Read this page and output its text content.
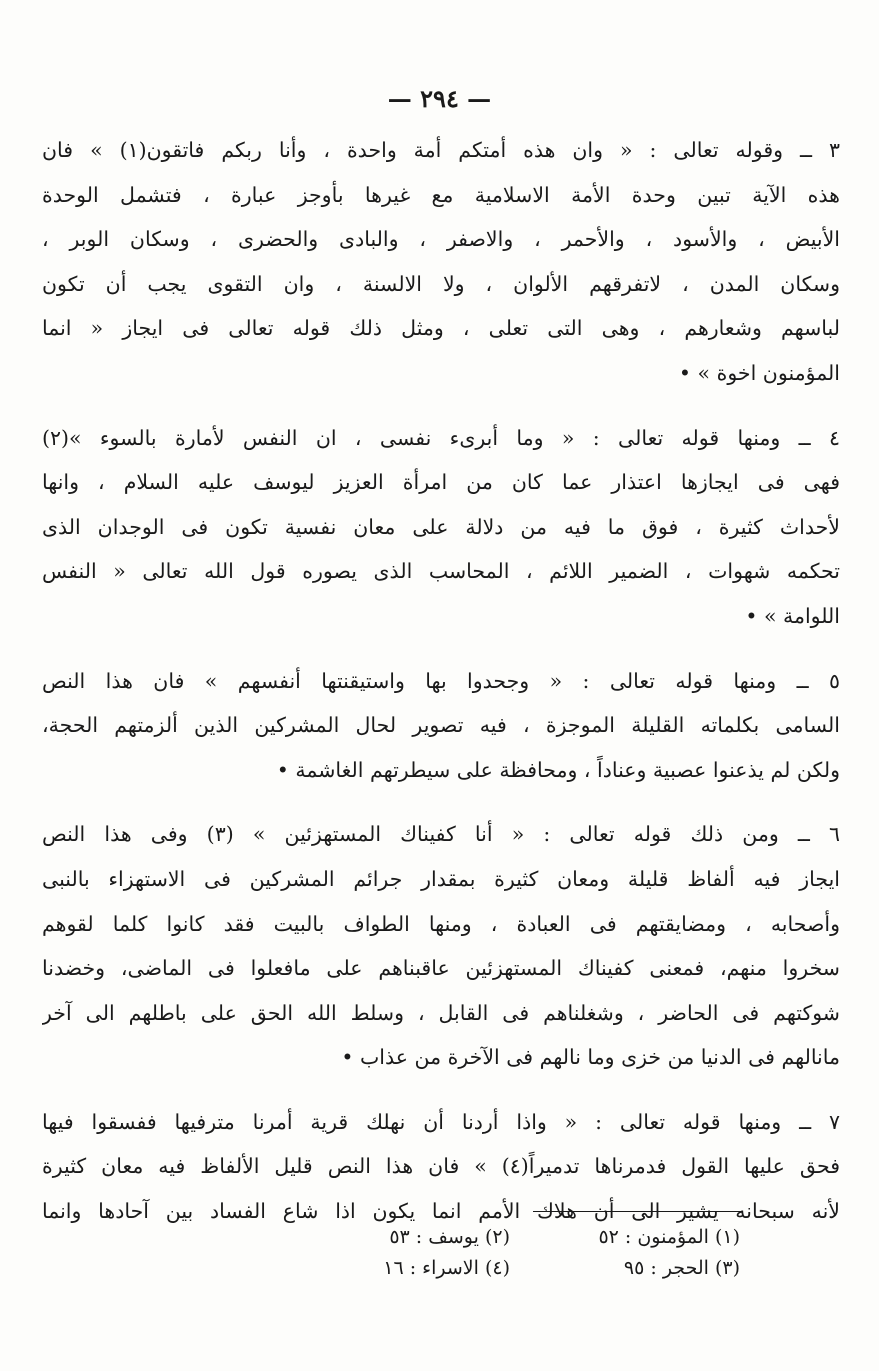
— ٢٩٤ —
٣ ــ وقوله تعالى : « وان هذه أمتكم أمة واحدة ، وأنا ربكم فاتقون(١) » فان
هذه الآية تبين وحدة الأمة الاسلامية مع غيرها بأوجز عبارة ، فتشمل الوحدة
الأبيض ، والأسود ، والأحمر ، والاصفر ، والبادى والحضرى ، وسكان الوبر ،
وسكان المدن ، لاتفرقهم الألوان ، ولا الالسنة ، وان التقوى يجب أن تكون
لباسهم وشعارهم ، وهى التى تعلى ، ومثل ذلك قوله تعالى فى ايجاز « انما
المؤمنون اخوة » •
٤ ــ ومنها قوله تعالى : « وما أبرىء نفسى ، ان النفس لأمارة بالسوء »(٢)
فهى فى ايجازها اعتذار عما كان من امرأة العزيز ليوسف عليه السلام ، وانها
لأحداث كثيرة ، فوق ما فيه من دلالة على معان نفسية تكون فى الوجدان الذى
تحكمه شهوات ، الضمير اللائم ، المحاسب الذى يصوره قول الله تعالى « النفس
اللوامة » •
٥ ــ ومنها قوله تعالى : « وجحدوا بها واستيقنتها أنفسهم » فان هذا النص
السامى بكلماته القليلة الموجزة ، فيه تصوير لحال المشركين الذين ألزمتهم الحجة،
ولكن لم يذعنوا عصبية وعناداً ، ومحافظة على سيطرتهم الغاشمة •
٦ ــ ومن ذلك قوله تعالى : « أنا كفيناك المستهزئين » (٣) وفى هذا النص
ايجاز فيه ألفاظ قليلة ومعان كثيرة بمقدار جرائم المشركين فى الاستهزاء بالنبى
وأصحابه ، ومضايقتهم فى العبادة ، ومنها الطواف بالبيت فقد كانوا كلما لقوهم
سخروا منهم، فمعنى كفيناك المستهزئين عاقبناهم على مافعلوا فى الماضى، وخضدنا
شوكتهم فى الحاضر ، وشغلناهم فى القابل ، وسلط الله الحق على باطلهم الى آخر
مانالهم فى الدنيا من خزى وما نالهم فى الآخرة من عذاب •
٧ ــ ومنها قوله تعالى : « واذا أردنا أن نهلك قرية أمرنا مترفيها ففسقوا فيها
فحق عليها القول فدمرناها تدميراً(٤) » فان هذا النص قليل الألفاظ فيه معان كثيرة
لأنه سبحانه يشير الى أن هلاك الأمم انما يكون اذا شاع الفساد بين آحادها وانما
(١) المؤمنون : ٥٢
(٢) يوسف : ٥٣
(٣) الحجر : ٩٥
(٤) الاسراء : ١٦
